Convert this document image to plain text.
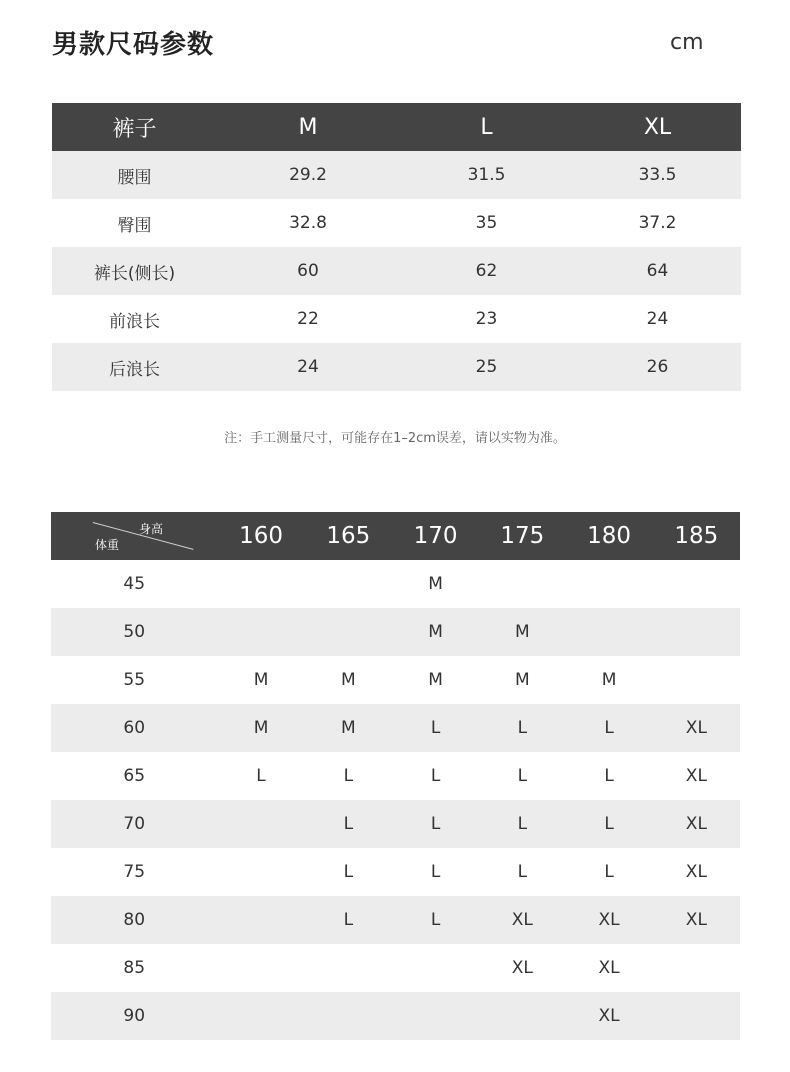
男款尺码参数	cm
裤子	M	L	XL
腰围	29.2	31.5	33.5
臀围	32.8	35	37.2
裤长(侧长)	60	62	64
前浪长	22	23	24
后浪长	24	25	26
注：手工测量尺寸，可能存在1–2cm误差，请以实物为准。
身高
体重	160	165	170	175	180	185
45			M			
50			M	M		
55	M	M	M	M	M	
60	M	M	L	L	L	XL
65	L	L	L	L	L	XL
70		L	L	L	L	XL
75		L	L	L	L	XL
80		L	L	XL	XL	XL
85				XL	XL	
90					XL	
